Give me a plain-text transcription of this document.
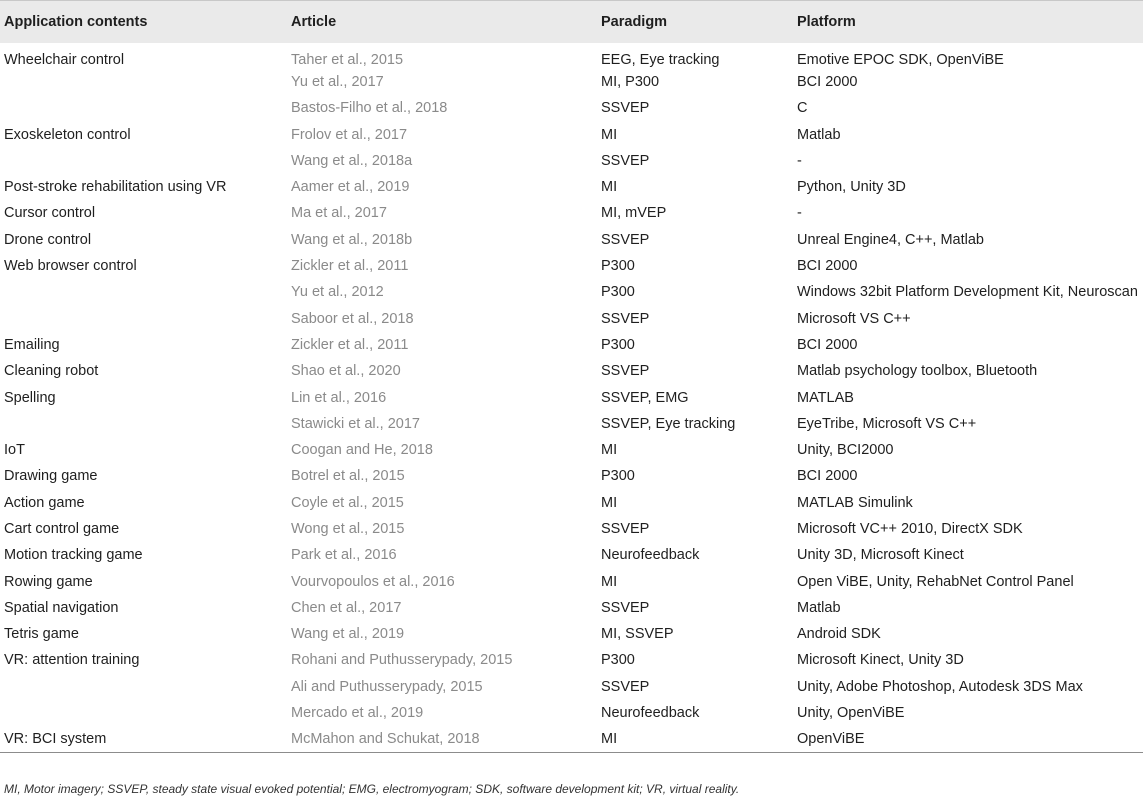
Application contents	Article	Paradigm	Platform
Wheelchair control	Taher et al., 2015	EEG, Eye tracking	Emotive EPOC SDK, OpenViBE
	Yu et al., 2017	MI, P300	BCI 2000
	Bastos-Filho et al., 2018	SSVEP	C
Exoskeleton control	Frolov et al., 2017	MI	Matlab
	Wang et al., 2018a	SSVEP	-
Post-stroke rehabilitation using VR	Aamer et al., 2019	MI	Python, Unity 3D
Cursor control	Ma et al., 2017	MI, mVEP	-
Drone control	Wang et al., 2018b	SSVEP	Unreal Engine4, C++, Matlab
Web browser control	Zickler et al., 2011	P300	BCI 2000
	Yu et al., 2012	P300	Windows 32bit Platform Development Kit, Neuroscan
	Saboor et al., 2018	SSVEP	Microsoft VS C++
Emailing	Zickler et al., 2011	P300	BCI 2000
Cleaning robot	Shao et al., 2020	SSVEP	Matlab psychology toolbox, Bluetooth
Spelling	Lin et al., 2016	SSVEP, EMG	MATLAB
	Stawicki et al., 2017	SSVEP, Eye tracking	EyeTribe, Microsoft VS C++
IoT	Coogan and He, 2018	MI	Unity, BCI2000
Drawing game	Botrel et al., 2015	P300	BCI 2000
Action game	Coyle et al., 2015	MI	MATLAB Simulink
Cart control game	Wong et al., 2015	SSVEP	Microsoft VC++ 2010, DirectX SDK
Motion tracking game	Park et al., 2016	Neurofeedback	Unity 3D, Microsoft Kinect
Rowing game	Vourvopoulos et al., 2016	MI	Open ViBE, Unity, RehabNet Control Panel
Spatial navigation	Chen et al., 2017	SSVEP	Matlab
Tetris game	Wang et al., 2019	MI, SSVEP	Android SDK
VR: attention training	Rohani and Puthusserypady, 2015	P300	Microsoft Kinect, Unity 3D
	Ali and Puthusserypady, 2015	SSVEP	Unity, Adobe Photoshop, Autodesk 3DS Max
	Mercado et al., 2019	Neurofeedback	Unity, OpenViBE
VR: BCI system	McMahon and Schukat, 2018	MI	OpenViBE
MI, Motor imagery; SSVEP, steady state visual evoked potential; EMG, electromyogram; SDK, software development kit; VR, virtual reality.
